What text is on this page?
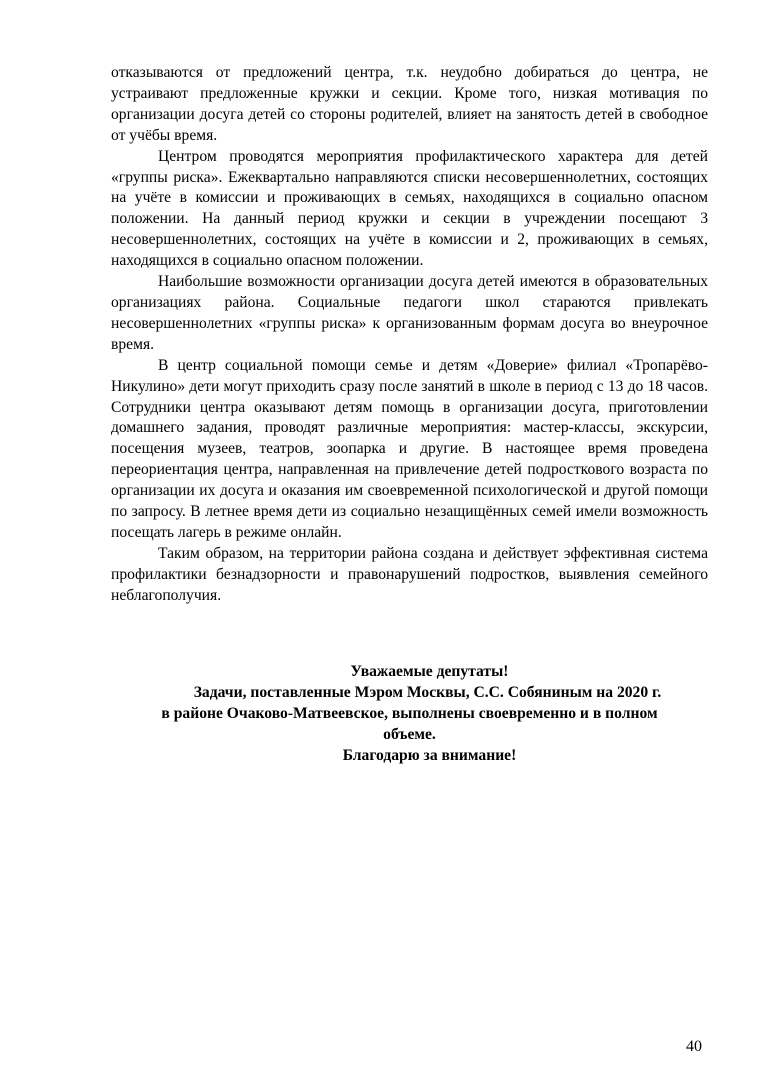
отказываются от предложений центра, т.к. неудобно добираться до центра, не устраивают предложенные кружки и секции. Кроме того, низкая мотивация по организации досуга детей со стороны родителей, влияет на занятость детей в свободное от учёбы время.

Центром проводятся мероприятия профилактического характера для детей «группы риска». Ежеквартально направляются списки несовершеннолетних, состоящих на учёте в комиссии и проживающих в семьях, находящихся в социально опасном положении. На данный период кружки и секции в учреждении посещают 3 несовершеннолетних, состоящих на учёте в комиссии и 2, проживающих в семьях, находящихся в социально опасном положении.

Наибольшие возможности организации досуга детей имеются в образовательных организациях района. Социальные педагоги школ стараются привлекать несовершеннолетних «группы риска» к организованным формам досуга во внеурочное время.

В центр социальной помощи семье и детям «Доверие» филиал «Тропарёво-Никулино» дети могут приходить сразу после занятий в школе в период с 13 до 18 часов. Сотрудники центра оказывают детям помощь в организации досуга, приготовлении домашнего задания, проводят различные мероприятия: мастер-классы, экскурсии, посещения музеев, театров, зоопарка и другие. В настоящее время проведена переориентация центра, направленная на привлечение детей подросткового возраста по организации их досуга и оказания им своевременной психологической и другой помощи по запросу. В летнее время дети из социально незащищённых семей имели возможность посещать лагерь в режиме онлайн.

Таким образом, на территории района создана и действует эффективная система профилактики безнадзорности и правонарушений подростков, выявления семейного неблагополучия.

Уважаемые депутаты!

Задачи, поставленные Мэром Москвы, С.С. Собяниным на 2020 г.

в районе Очаково-Матвеевское, выполнены своевременно и в полном

объеме.

Благодарю за внимание!

40
